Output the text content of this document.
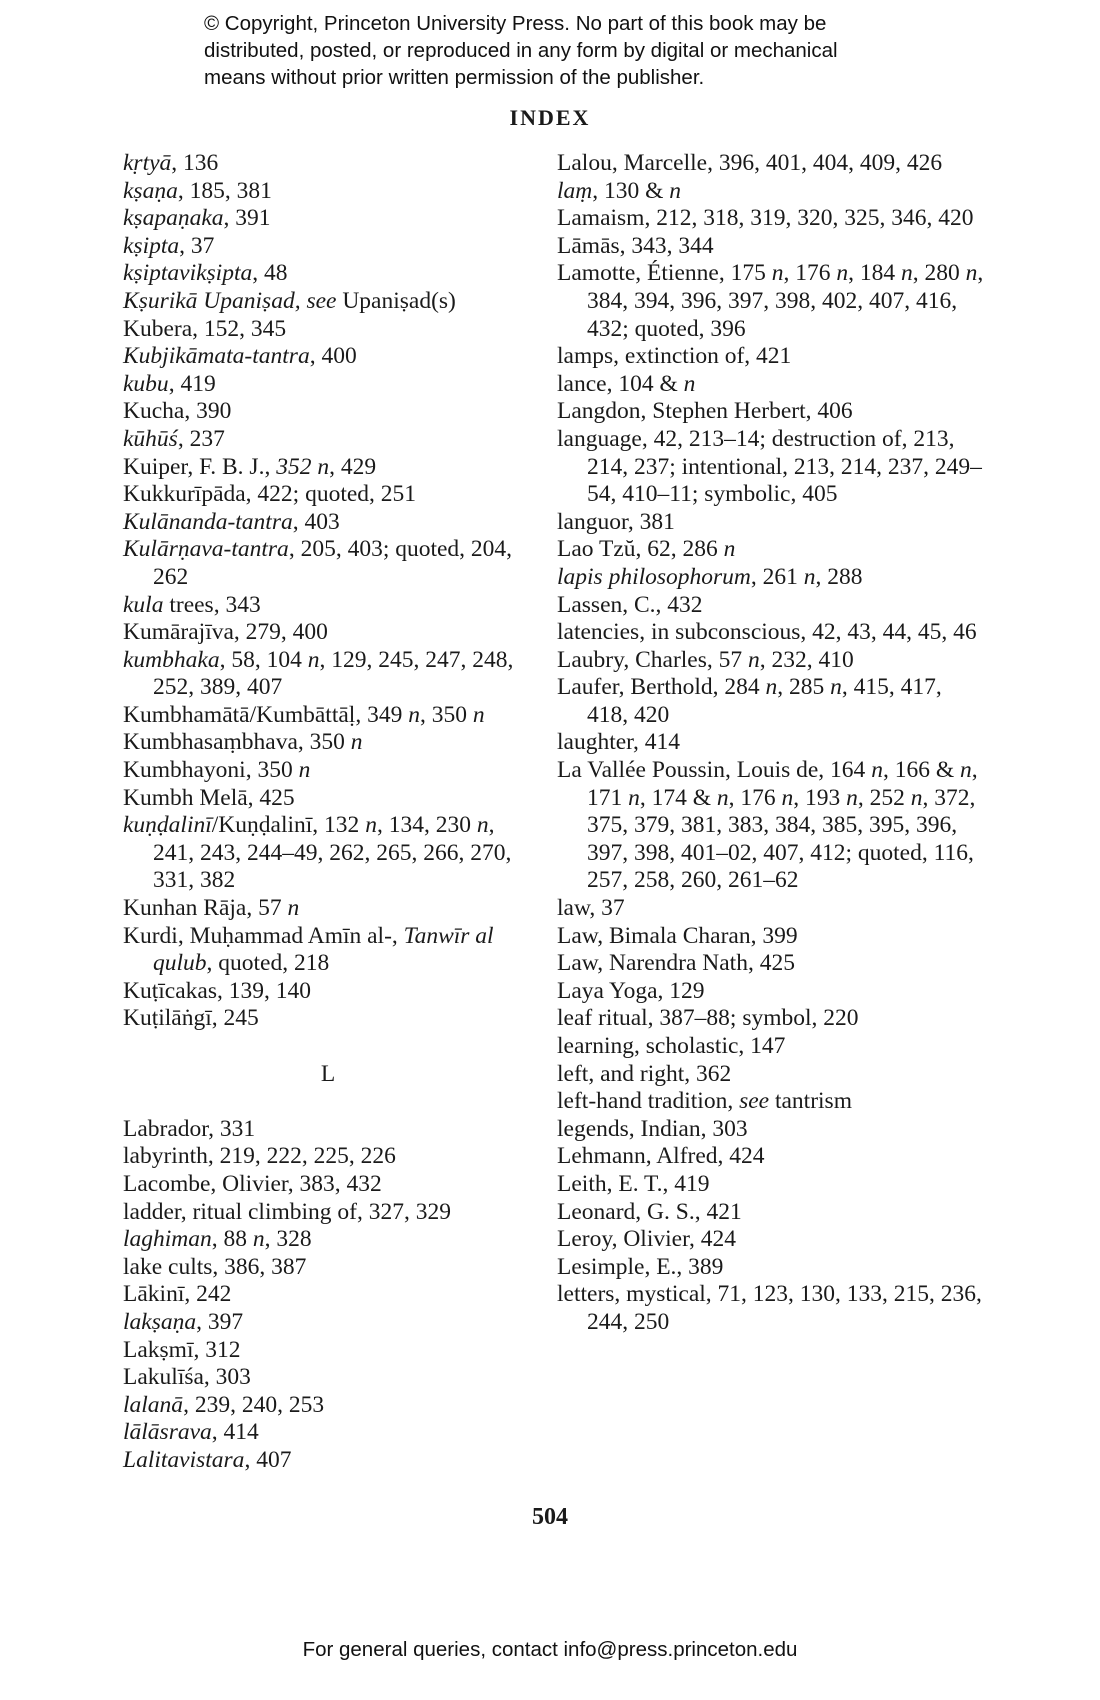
© Copyright, Princeton University Press. No part of this book may be
distributed, posted, or reproduced in any form by digital or mechanical
means without prior written permission of the publisher.
INDEX
kṛtyā, 136
kṣaṇa, 185, 381
kṣapaṇaka, 391
kṣipta, 37
kṣiptavikṣipta, 48
Kṣurikā Upaniṣad, see Upaniṣad(s)
Kubera, 152, 345
Kubjikāmata-tantra, 400
kubu, 419
Kucha, 390
kūhūś, 237
Kuiper, F. B. J., 352 n, 429
Kukkurīpāda, 422; quoted, 251
Kulānanda-tantra, 403
Kulārṇava-tantra, 205, 403; quoted, 204, 262
kula trees, 343
Kumārajīva, 279, 400
kumbhaka, 58, 104 n, 129, 245, 247, 248, 252, 389, 407
Kumbhamātā/Kumbāttāḷ, 349 n, 350 n
Kumbhasaṃbhava, 350 n
Kumbhayoni, 350 n
Kumbh Melā, 425
kuṇḍalinī/Kuṇḍalinī, 132 n, 134, 230 n, 241, 243, 244–49, 262, 265, 266, 270, 331, 382
Kunhan Rāja, 57 n
Kurdi, Muḥammad Amīn al-, Tanwīr al qulub, quoted, 218
Kuṭīcakas, 139, 140
Kuṭilāṅgī, 245
L
Labrador, 331
labyrinth, 219, 222, 225, 226
Lacombe, Olivier, 383, 432
ladder, ritual climbing of, 327, 329
laghiman, 88 n, 328
lake cults, 386, 387
Lākinī, 242
lakṣaṇa, 397
Lakṣmī, 312
Lakulīśa, 303
lalanā, 239, 240, 253
lālāsrava, 414
Lalitavistara, 407
Lalou, Marcelle, 396, 401, 404, 409, 426
laṃ, 130 & n
Lamaism, 212, 318, 319, 320, 325, 346, 420
Lāmās, 343, 344
Lamotte, Étienne, 175 n, 176 n, 184 n, 280 n, 384, 394, 396, 397, 398, 402, 407, 416, 432; quoted, 396
lamps, extinction of, 421
lance, 104 & n
Langdon, Stephen Herbert, 406
language, 42, 213–14; destruction of, 213, 214, 237; intentional, 213, 214, 237, 249–54, 410–11; symbolic, 405
languor, 381
Lao Tzŭ, 62, 286 n
lapis philosophorum, 261 n, 288
Lassen, C., 432
latencies, in subconscious, 42, 43, 44, 45, 46
Laubry, Charles, 57 n, 232, 410
Laufer, Berthold, 284 n, 285 n, 415, 417, 418, 420
laughter, 414
La Vallée Poussin, Louis de, 164 n, 166 & n, 171 n, 174 & n, 176 n, 193 n, 252 n, 372, 375, 379, 381, 383, 384, 385, 395, 396, 397, 398, 401–02, 407, 412; quoted, 116, 257, 258, 260, 261–62
law, 37
Law, Bimala Charan, 399
Law, Narendra Nath, 425
Laya Yoga, 129
leaf ritual, 387–88; symbol, 220
learning, scholastic, 147
left, and right, 362
left-hand tradition, see tantrism
legends, Indian, 303
Lehmann, Alfred, 424
Leith, E. T., 419
Leonard, G. S., 421
Leroy, Olivier, 424
Lesimple, E., 389
letters, mystical, 71, 123, 130, 133, 215, 236, 244, 250
504
For general queries, contact info@press.princeton.edu
